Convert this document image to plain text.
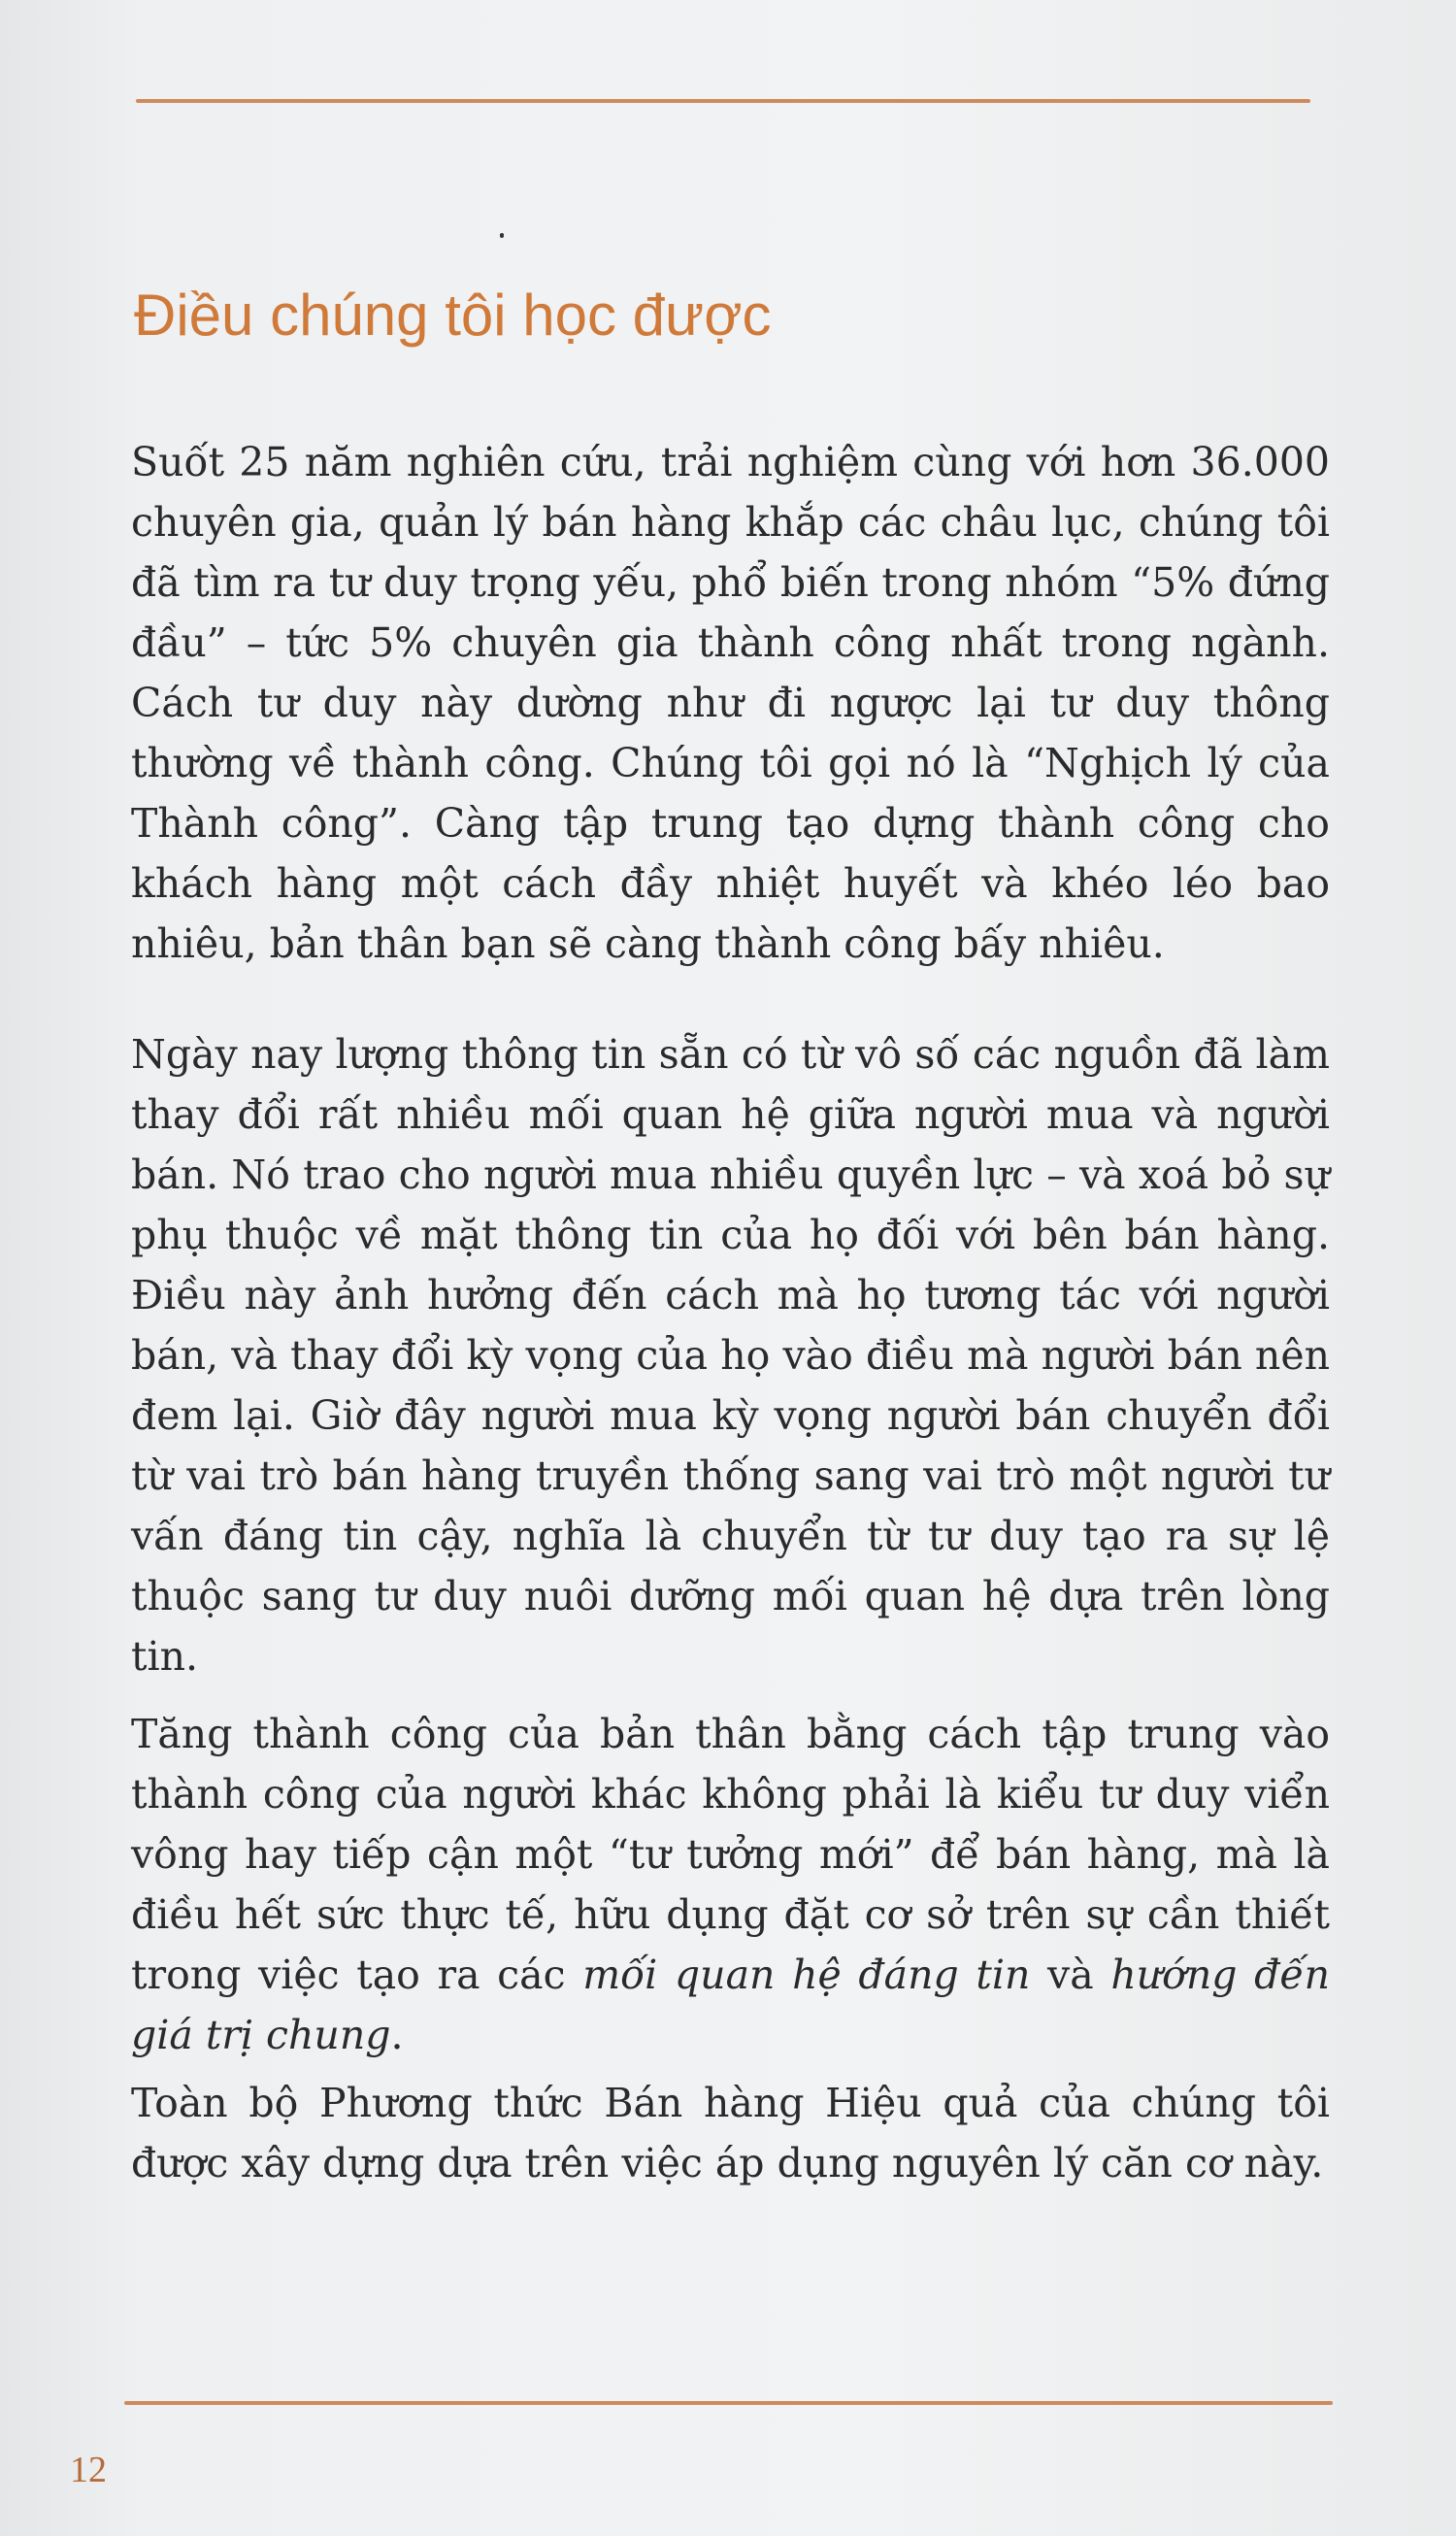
Điều chúng tôi học được

Suốt 25 năm nghiên cứu, trải nghiệm cùng với hơn 36.000 chuyên gia, quản lý bán hàng khắp các châu lục, chúng tôi đã tìm ra tư duy trọng yếu, phổ biến trong nhóm “5% đứng đầu” – tức 5% chuyên gia thành công nhất trong ngành. Cách tư duy này dường như đi ngược lại tư duy thông thường về thành công. Chúng tôi gọi nó là “Nghịch lý của Thành công”. Càng tập trung tạo dựng thành công cho khách hàng một cách đầy nhiệt huyết và khéo léo bao nhiêu, bản thân bạn sẽ càng thành công bấy nhiêu.

Ngày nay lượng thông tin sẵn có từ vô số các nguồn đã làm thay đổi rất nhiều mối quan hệ giữa người mua và người bán. Nó trao cho người mua nhiều quyền lực – và xoá bỏ sự phụ thuộc về mặt thông tin của họ đối với bên bán hàng. Điều này ảnh hưởng đến cách mà họ tương tác với người bán, và thay đổi kỳ vọng của họ vào điều mà người bán nên đem lại. Giờ đây người mua kỳ vọng người bán chuyển đổi từ vai trò bán hàng truyền thống sang vai trò một người tư vấn đáng tin cậy, nghĩa là chuyển từ tư duy tạo ra sự lệ thuộc sang tư duy nuôi dưỡng mối quan hệ dựa trên lòng tin.

Tăng thành công của bản thân bằng cách tập trung vào thành công của người khác không phải là kiểu tư duy viển vông hay tiếp cận một “tư tưởng mới” để bán hàng, mà là điều hết sức thực tế, hữu dụng đặt cơ sở trên sự cần thiết trong việc tạo ra các mối quan hệ đáng tin và hướng đến giá trị chung.

Toàn bộ Phương thức Bán hàng Hiệu quả của chúng tôi được xây dựng dựa trên việc áp dụng nguyên lý căn cơ này.

12
